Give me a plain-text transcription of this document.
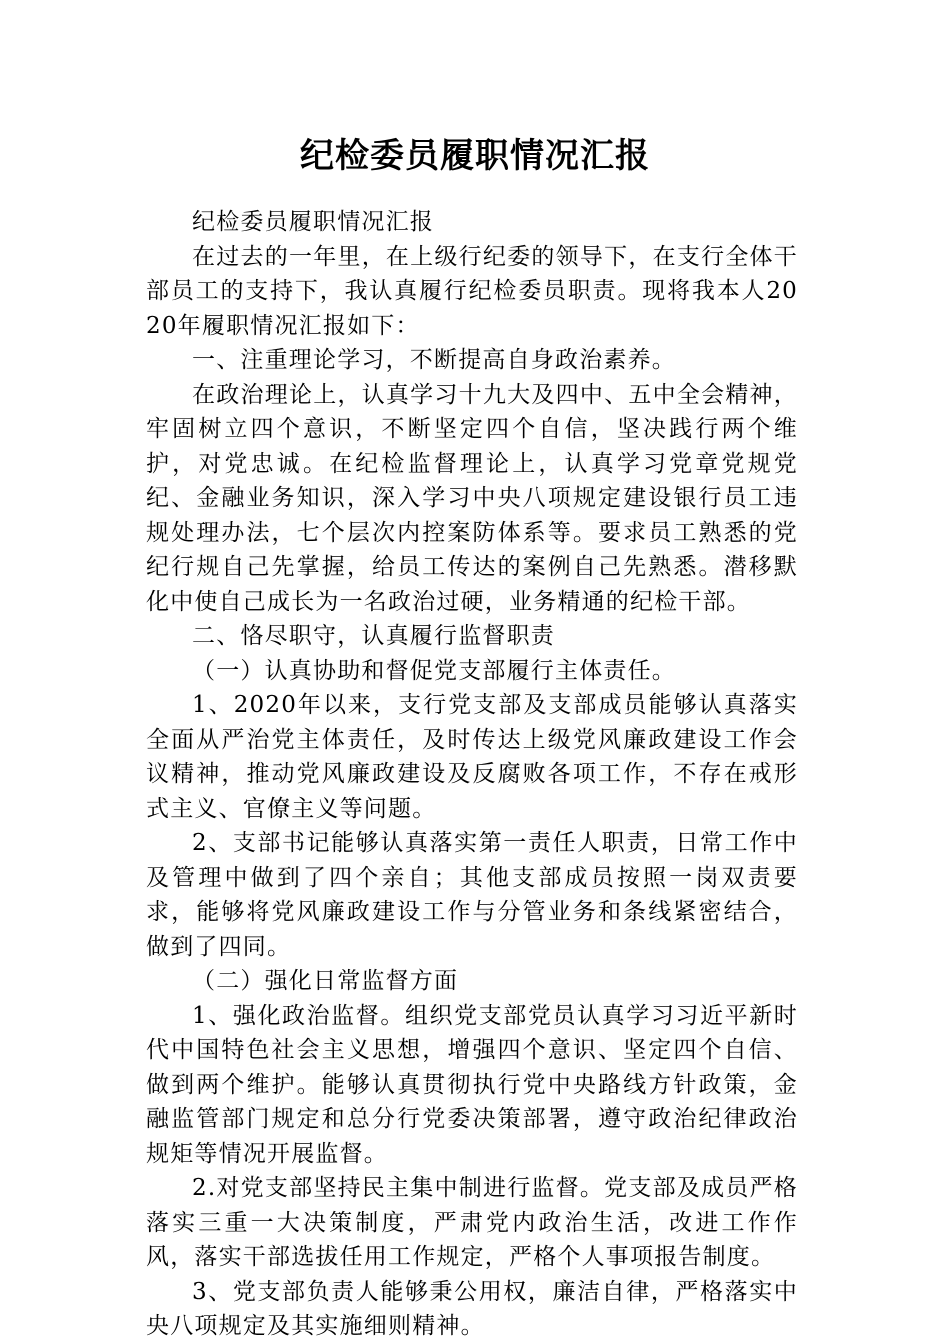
纪检委员履职情况汇报

纪检委员履职情况汇报

在过去的一年里，在上级行纪委的领导下，在支行全体干部员工的支持下，我认真履行纪检委员职责。现将我本人2020年履职情况汇报如下：

一、注重理论学习，不断提高自身政治素养。

在政治理论上，认真学习十九大及四中、五中全会精神，牢固树立四个意识，不断坚定四个自信，坚决践行两个维护，对党忠诚。在纪检监督理论上，认真学习党章党规党纪、金融业务知识，深入学习中央八项规定建设银行员工违规处理办法，七个层次内控案防体系等。要求员工熟悉的党纪行规自己先掌握，给员工传达的案例自己先熟悉。潜移默化中使自己成长为一名政治过硬，业务精通的纪检干部。

二、恪尽职守，认真履行监督职责

（一）认真协助和督促党支部履行主体责任。

1、2020年以来，支行党支部及支部成员能够认真落实全面从严治党主体责任，及时传达上级党风廉政建设工作会议精神，推动党风廉政建设及反腐败各项工作，不存在戒形式主义、官僚主义等问题。

2、支部书记能够认真落实第一责任人职责，日常工作中及管理中做到了四个亲自；其他支部成员按照一岗双责要求，能够将党风廉政建设工作与分管业务和条线紧密结合，做到了四同。

（二）强化日常监督方面

1、强化政治监督。组织党支部党员认真学习习近平新时代中国特色社会主义思想，增强四个意识、坚定四个自信、做到两个维护。能够认真贯彻执行党中央路线方针政策，金融监管部门规定和总分行党委决策部署，遵守政治纪律政治规矩等情况开展监督。

2.对党支部坚持民主集中制进行监督。党支部及成员严格落实三重一大决策制度，严肃党内政治生活，改进工作作风，落实干部选拔任用工作规定，严格个人事项报告制度。

3、党支部负责人能够秉公用权，廉洁自律，严格落实中央八项规定及其实施细则精神。
